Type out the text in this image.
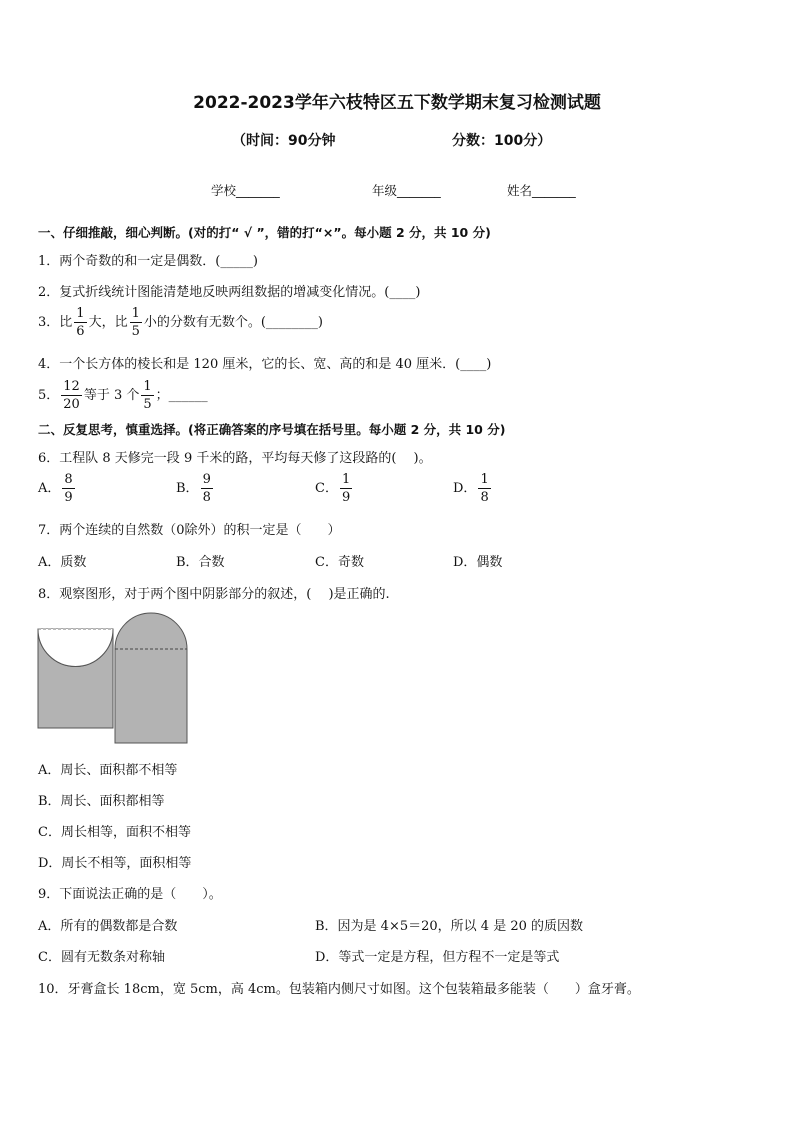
2022-2023学年六枝特区五下数学期末复习检测试题
（时间：90分钟	分数：100分）
学校_______	年级_______	姓名_______
一、仔细推敲，细心判断。(对的打“ √ ”，错的打“×”。每小题 2 分，共 10 分)
1．两个奇数的和一定是偶数．(_____)
2．复式折线统计图能清楚地反映两组数据的增减变化情况。(____)
3．比 $\frac{1}{6}$ 大，比 $\frac{1}{5}$ 小的分数有无数个。(________)
4．一个长方体的棱长和是 120 厘米，它的长、宽、高的和是 40 厘米．(____)
5． $\frac{12}{20}$ 等于 3 个 $\frac{1}{5}$ ；______
二、反复思考，慎重选择。(将正确答案的序号填在括号里。每小题 2 分，共 10 分)
6．工程队 8 天修完一段 9 千米的路，平均每天修了这段路的(　 )。
A． $\frac{8}{9}$	B． $\frac{9}{8}$	C． $\frac{1}{9}$	D． $\frac{1}{8}$
7．两个连续的自然数（0除外）的积一定是（　　）
A．质数	B．合数	C．奇数	D．偶数
8．观察图形，对于两个图中阴影部分的叙述，( 　)是正确的.
A．周长、面积都不相等
B．周长、面积都相等
C．周长相等，面积不相等
D．周长不相等，面积相等
9．下面说法正确的是（　　）。
A．所有的偶数都是合数	B．因为是 4×5＝20，所以 4 是 20 的质因数
C．圆有无数条对称轴	D．等式一定是方程，但方程不一定是等式
10．牙膏盒长 18cm，宽 5cm，高 4cm。包装箱内侧尺寸如图。这个包装箱最多能装（　　）盒牙膏。
